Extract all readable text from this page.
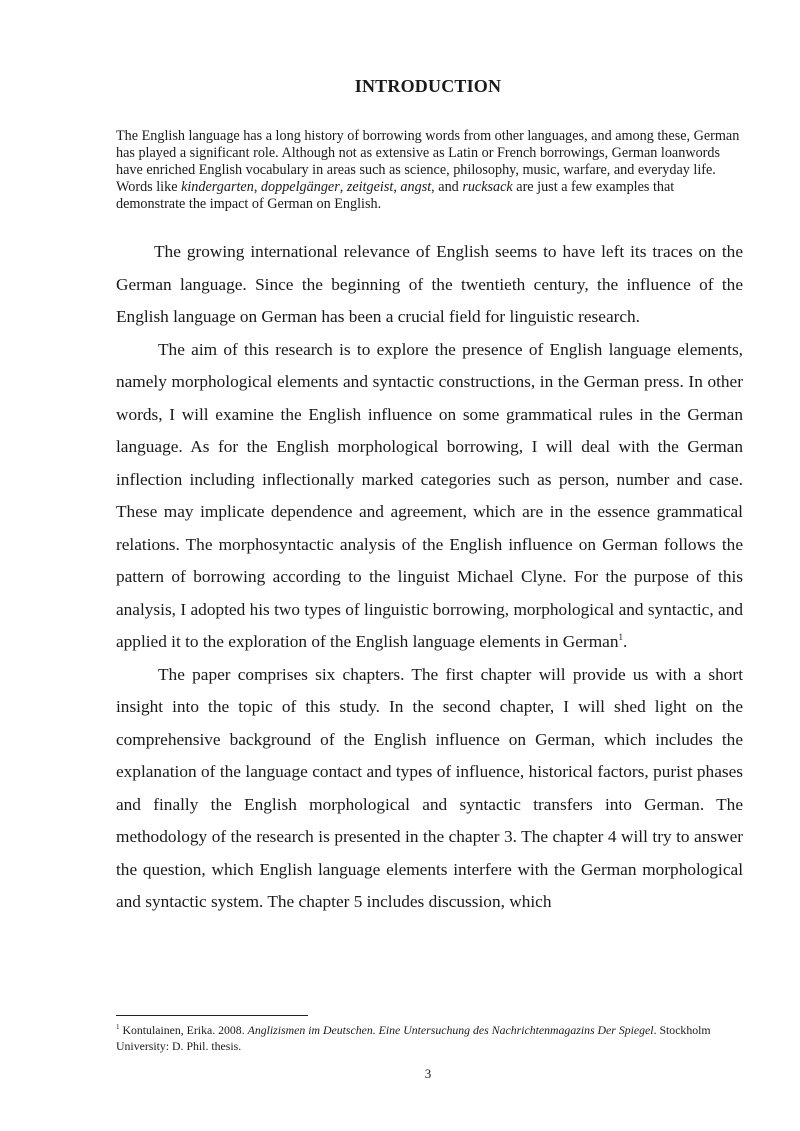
INTRODUCTION
The English language has a long history of borrowing words from other languages, and among these, German has played a significant role. Although not as extensive as Latin or French borrowings, German loanwords have enriched English vocabulary in areas such as science, philosophy, music, warfare, and everyday life. Words like kindergarten, doppelgänger, zeitgeist, angst, and rucksack are just a few examples that demonstrate the impact of German on English.

The growing international relevance of English seems to have left its traces on the German language. Since the beginning of the twentieth century, the influence of the English language on German has been a crucial field for linguistic research.

The aim of this research is to explore the presence of English language elements, namely morphological elements and syntactic constructions, in the German press. In other words, I will examine the English influence on some grammatical rules in the German language. As for the English morphological borrowing, I will deal with the German inflection including inflectionally marked categories such as person, number and case. These may implicate dependence and agreement, which are in the essence grammatical relations. The morphosyntactic analysis of the English influence on German follows the pattern of borrowing according to the linguist Michael Clyne. For the purpose of this analysis, I adopted his two types of linguistic borrowing, morphological and syntactic, and applied it to the exploration of the English language elements in German$^1$.

The paper comprises six chapters. The first chapter will provide us with a short insight into the topic of this study. In the second chapter, I will shed light on the comprehensive background of the English influence on German, which includes the explanation of the language contact and types of influence, historical factors, purist phases and finally the English morphological and syntactic transfers into German. The methodology of the research is presented in the chapter 3. The chapter 4 will try to answer the question, which English language elements interfere with the German morphological and syntactic system. The chapter 5 includes discussion, which

$^1$ Kontulainen, Erika. 2008. Anglizismen im Deutschen. Eine Untersuchung des Nachrichtenmagazins Der Spiegel. Stockholm University: D. Phil. thesis.
3
